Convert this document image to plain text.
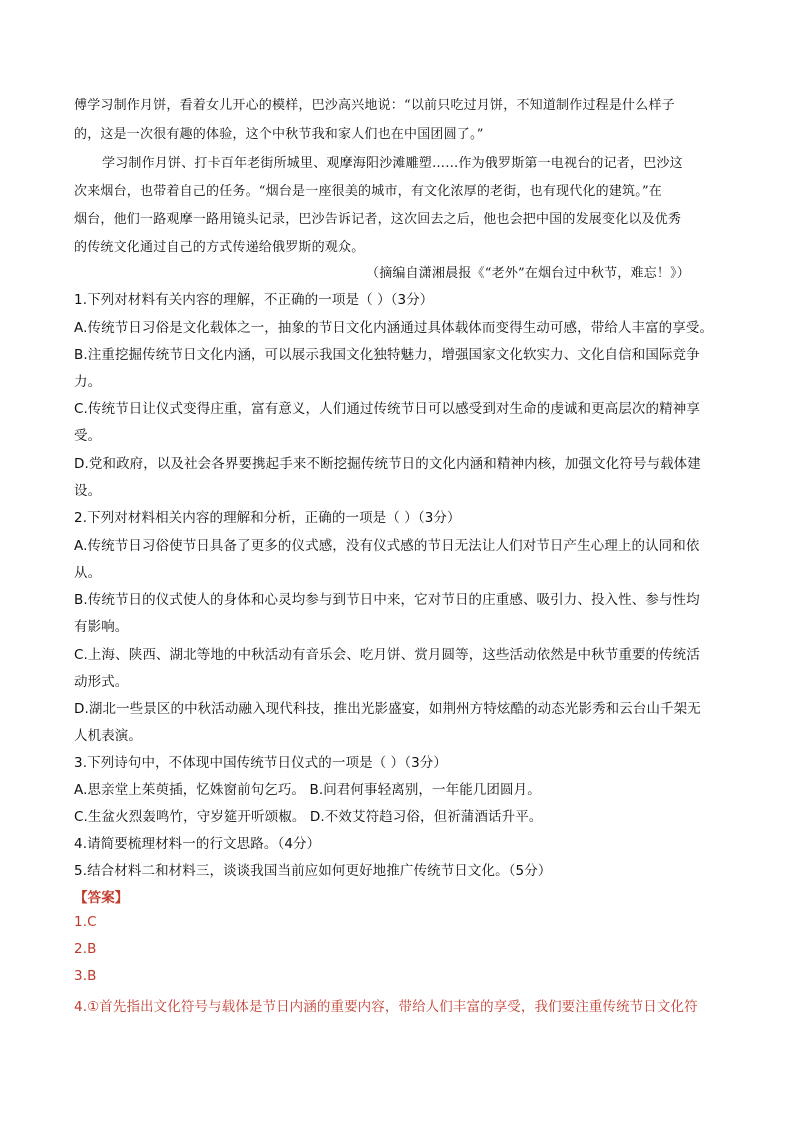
傅学习制作月饼，看着女儿开心的模样，巴沙高兴地说：“以前只吃过月饼，不知道制作过程是什么样子
的，这是一次很有趣的体验，这个中秋节我和家人们也在中国团圆了。”
学习制作月饼、打卡百年老街所城里、观摩海阳沙滩雕塑……作为俄罗斯第一电视台的记者，巴沙这
次来烟台，也带着自己的任务。“烟台是一座很美的城市，有文化浓厚的老街，也有现代化的建筑。”在
烟台，他们一路观摩一路用镜头记录，巴沙告诉记者，这次回去之后，他也会把中国的发展变化以及优秀
的传统文化通过自己的方式传递给俄罗斯的观众。
（摘编自潇湘晨报《“老外”在烟台过中秋节，难忘！》）
1.下列对材料有关内容的理解，不正确的一项是（ ）（3分）
A.传统节日习俗是文化载体之一，抽象的节日文化内涵通过具体载体而变得生动可感，带给人丰富的享受。
B.注重挖掘传统节日文化内涵，可以展示我国文化独特魅力，增强国家文化软实力、文化自信和国际竞争
力。
C.传统节日让仪式变得庄重，富有意义，人们通过传统节日可以感受到对生命的虔诚和更高层次的精神享
受。
D.党和政府，以及社会各界要携起手来不断挖掘传统节日的文化内涵和精神内核，加强文化符号与载体建
设。
2.下列对材料相关内容的理解和分析，正确的一项是（ ）（3分）
A.传统节日习俗使节日具备了更多的仪式感，没有仪式感的节日无法让人们对节日产生心理上的认同和依
从。
B.传统节日的仪式使人的身体和心灵均参与到节日中来，它对节日的庄重感、吸引力、投入性、参与性均
有影响。
C.上海、陕西、湖北等地的中秋活动有音乐会、吃月饼、赏月圆等，这些活动依然是中秋节重要的传统活
动形式。
D.湖北一些景区的中秋活动融入现代科技，推出光影盛宴，如荆州方特炫酷的动态光影秀和云台山千架无
人机表演。
3.下列诗句中，不体现中国传统节日仪式的一项是（ ）（3分）
A.思亲堂上茱萸插，忆姝窗前句乞巧。 B.问君何事轻离别，一年能几团圆月。
C.生盆火烈轰鸣竹，守岁筵开听颂椒。 D.不效艾符趋习俗，但祈蒲酒话升平。
4.请简要梳理材料一的行文思路。（4分）
5.结合材料二和材料三，谈谈我国当前应如何更好地推广传统节日文化。（5分）
【答案】
1.C
2.B
3.B
4.①首先指出文化符号与载体是节日内涵的重要内容，带给人们丰富的享受，我们要注重传统节日文化符
